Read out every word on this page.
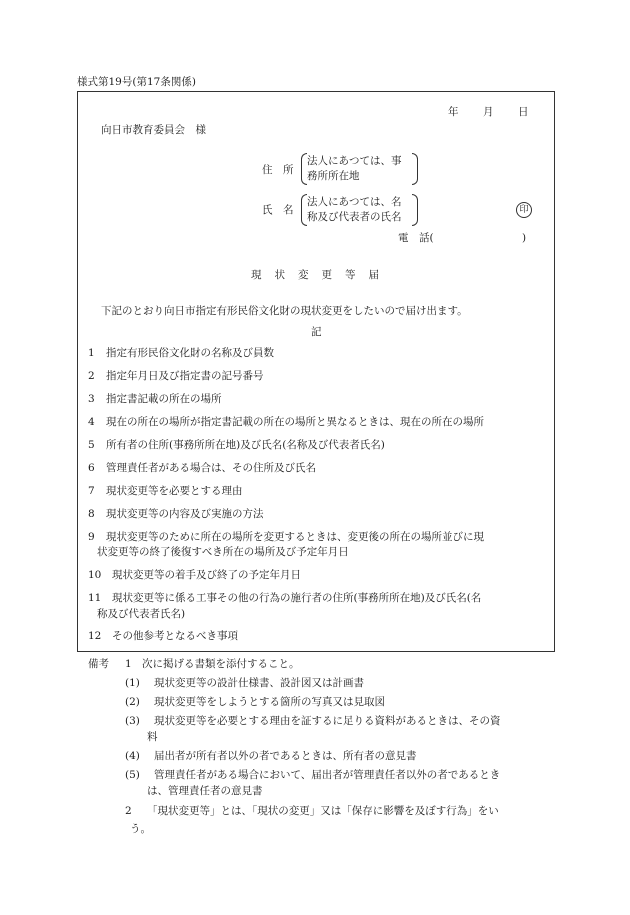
様式第19号(第17条関係)
年 月 日
向日市教育委員会　様
住　所
法人にあつては、事
務所所在地
氏　名
法人にあつては、名
称及び代表者の氏名
印
電　話(	)
現状変更等届
下記のとおり向日市指定有形民俗文化財の現状変更をしたいので届け出ます。
記
1 指定有形民俗文化財の名称及び員数
2 指定年月日及び指定書の記号番号
3 指定書記載の所在の場所
4 現在の所在の場所が指定書記載の所在の場所と異なるときは、現在の所在の場所
5 所有者の住所(事務所所在地)及び氏名(名称及び代表者氏名)
6 管理責任者がある場合は、その住所及び氏名
7 現状変更等を必要とする理由
8 現状変更等の内容及び実施の方法
9 現状変更等のために所在の場所を変更するときは、変更後の所在の場所並びに現
状変更等の終了後復すべき所在の場所及び予定年月日
10 現状変更等の着手及び終了の予定年月日
11 現状変更等に係る工事その他の行為の施行者の住所(事務所所在地)及び氏名(名
称及び代表者氏名)
12 その他参考となるべき事項
備考 1 次に掲げる書類を添付すること。
(1) 現状変更等の設計仕様書、設計図又は計画書
(2) 現状変更等をしようとする箇所の写真又は見取図
(3) 現状変更等を必要とする理由を証するに足りる資料があるときは、その資
料
(4) 届出者が所有者以外の者であるときは、所有者の意見書
(5) 管理責任者がある場合において、届出者が管理責任者以外の者であるとき
は、管理責任者の意見書
2 「現状変更等」とは、「現状の変更」又は「保存に影響を及ぼす行為」をい
う。
